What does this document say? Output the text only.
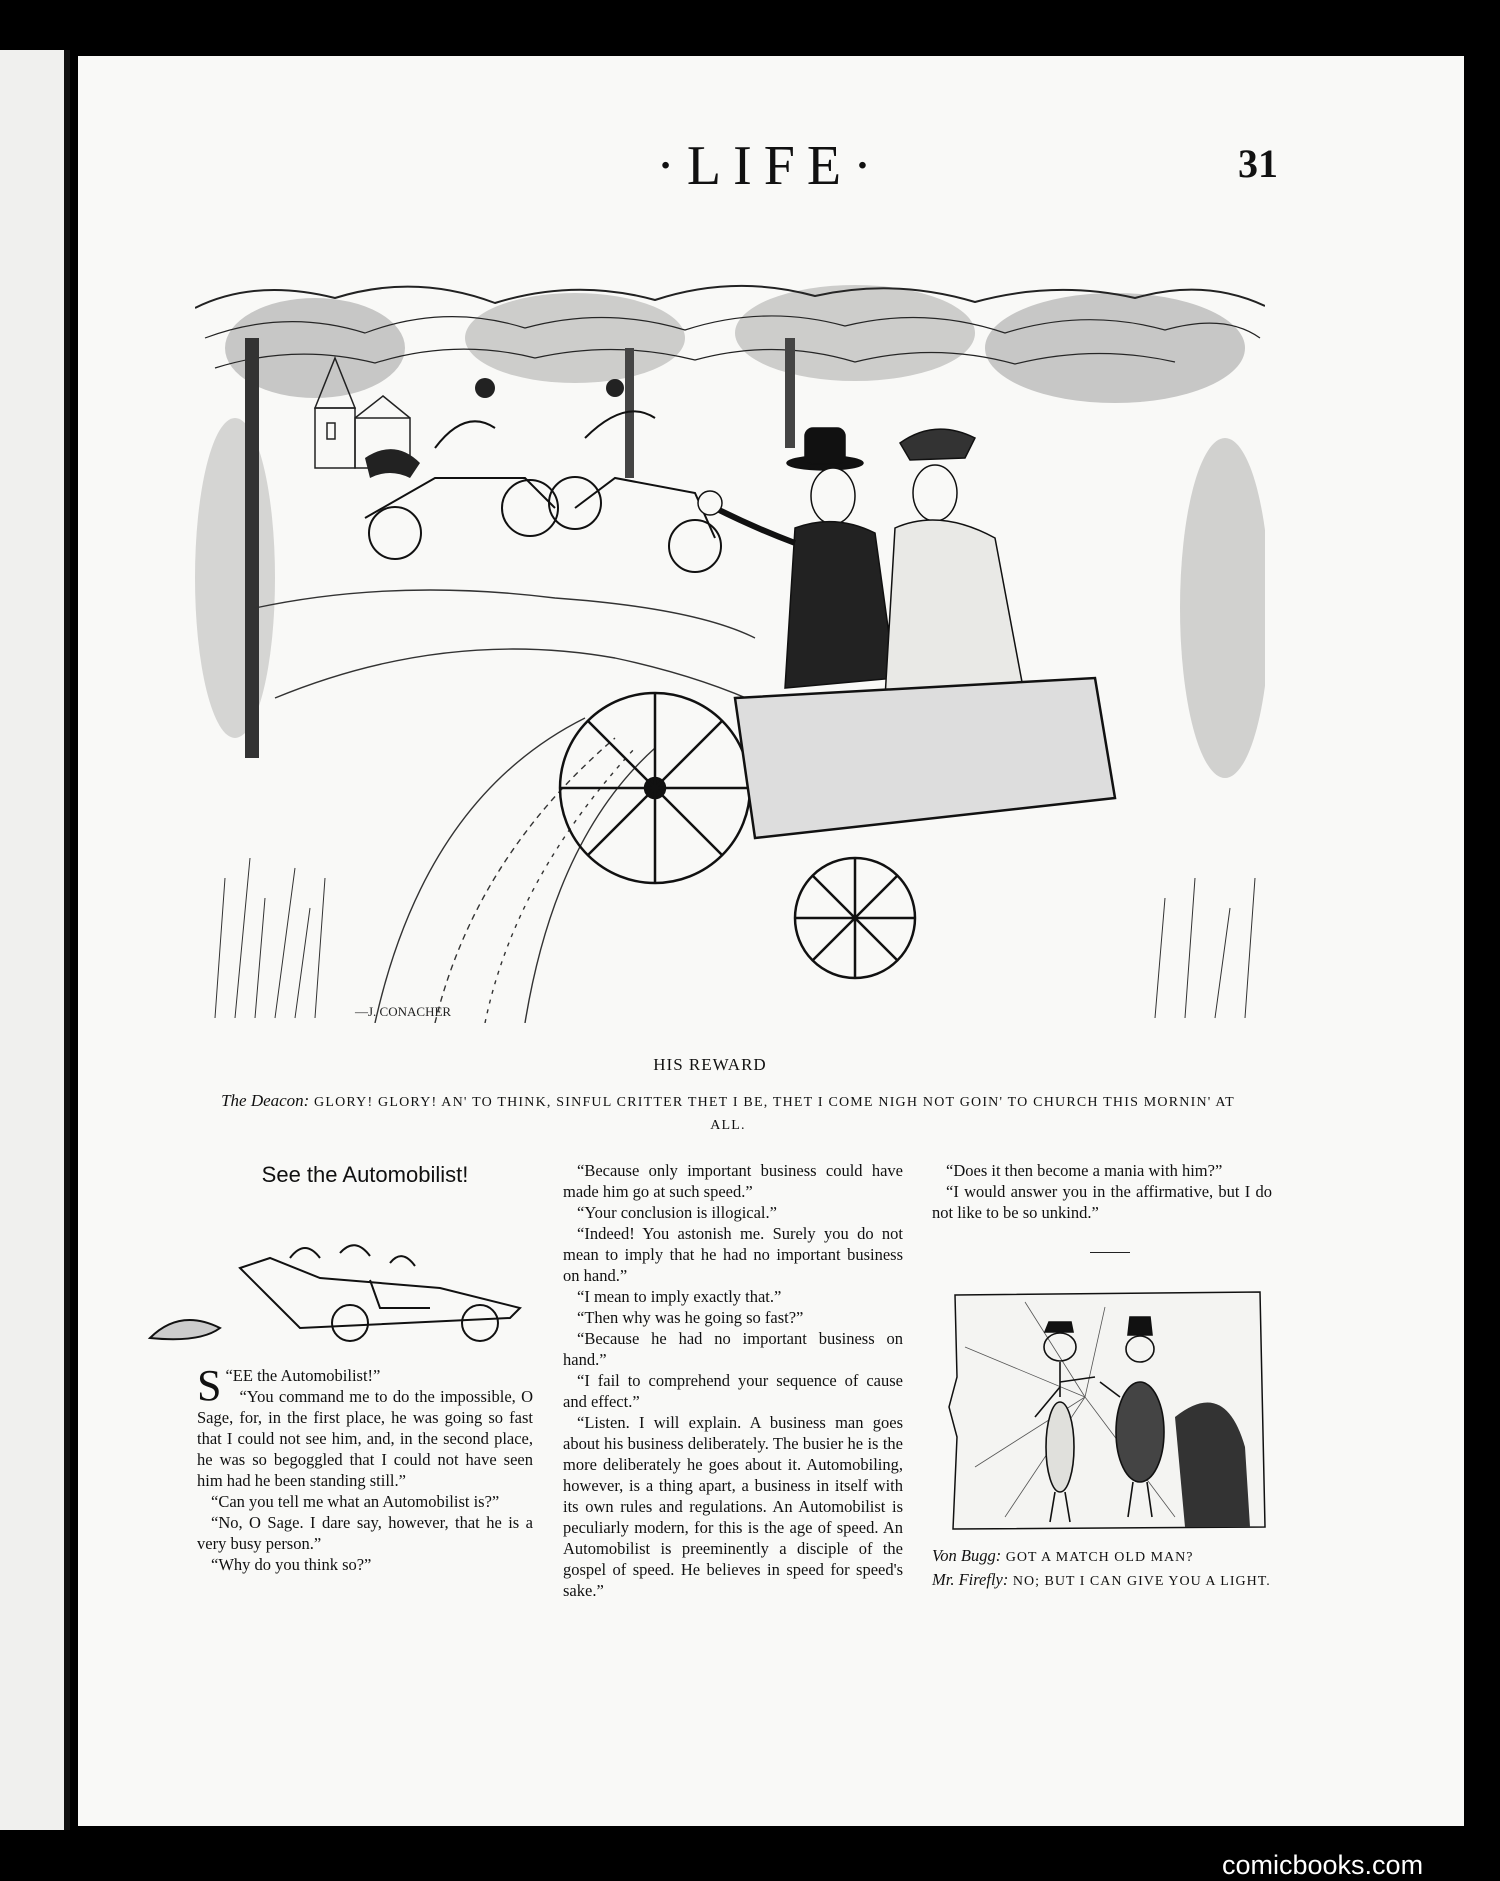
·LIFE·	31
—J. CONACHER
HIS REWARD
The Deacon: GLORY! GLORY! AN' TO THINK, SINFUL CRITTER THET I BE, THET I COME NIGH NOT GOIN' TO CHURCH THIS MORNIN' AT ALL.
See the Automobilist!

S “EE the Automobilist!”

“You command me to do the impossible, O Sage, for, in the first place, he was going so fast that I could not see him, and, in the second place, he was so begoggled that I could not have seen him had he been standing still.”

“Can you tell me what an Automobilist is?”

“No, O Sage. I dare say, however, that he is a very busy person.”

“Why do you think so?”

“Because only important business could have made him go at such speed.”

“Your conclusion is illogical.”

“Indeed! You astonish me. Surely you do not mean to imply that he had no important business on hand.”

“I mean to imply exactly that.”

“Then why was he going so fast?”

“Because he had no important business on hand.”

“I fail to comprehend your sequence of cause and effect.”

“Listen. I will explain. A business man goes about his business deliberately. The busier he is the more deliberately he goes about it. Automobiling, however, is a thing apart, a business in itself with its own rules and regulations. An Automobilist is peculiarly modern, for this is the age of speed. An Automobilist is preeminently a disciple of the gospel of speed. He believes in speed for speed's sake.”

“Does it then become a mania with him?”

“I would answer you in the affirmative, but I do not like to be so unkind.”

Von Bugg: GOT A MATCH OLD MAN?
Mr. Firefly: NO; BUT I CAN GIVE YOU A LIGHT.
comicbooks.com
